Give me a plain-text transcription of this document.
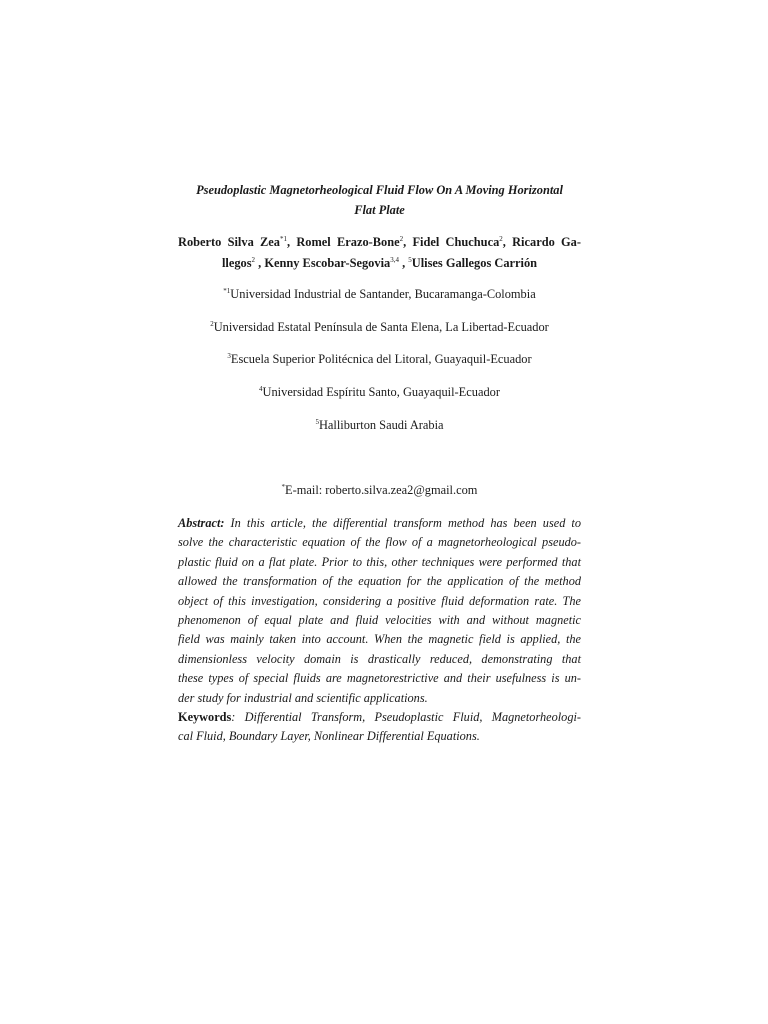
Pseudoplastic Magnetorheological Fluid Flow On A Moving Horizontal
Flat Plate
Roberto Silva Zea$^{*1}$, Romel Erazo-Bone$^2$, Fidel Chuchuca$^2$, Ricardo Ga-
llegos$^2$ , Kenny Escobar-Segovia$^{3,4}$ , $^5$Ulises Gallegos Carrión
$^{*1}$Universidad Industrial de Santander, Bucaramanga-Colombia
$^2$Universidad Estatal Península de Santa Elena, La Libertad-Ecuador
$^3$Escuela Superior Politécnica del Litoral, Guayaquil-Ecuador
$^4$Universidad Espíritu Santo, Guayaquil-Ecuador
$^5$Halliburton Saudi Arabia
*E-mail: roberto.silva.zea2@gmail.com
Abstract: In this article, the differential transform method has been used to
solve the characteristic equation of the flow of a magnetorheological pseudo-
plastic fluid on a flat plate. Prior to this, other techniques were performed that
allowed the transformation of the equation for the application of the method
object of this investigation, considering a positive fluid deformation rate. The
phenomenon of equal plate and fluid velocities with and without magnetic
field was mainly taken into account. When the magnetic field is applied, the
dimensionless velocity domain is drastically reduced, demonstrating that
these types of special fluids are magnetorestrictive and their usefulness is un-
der study for industrial and scientific applications.
Keywords: Differential Transform, Pseudoplastic Fluid, Magnetorheologi-
cal Fluid, Boundary Layer, Nonlinear Differential Equations.
